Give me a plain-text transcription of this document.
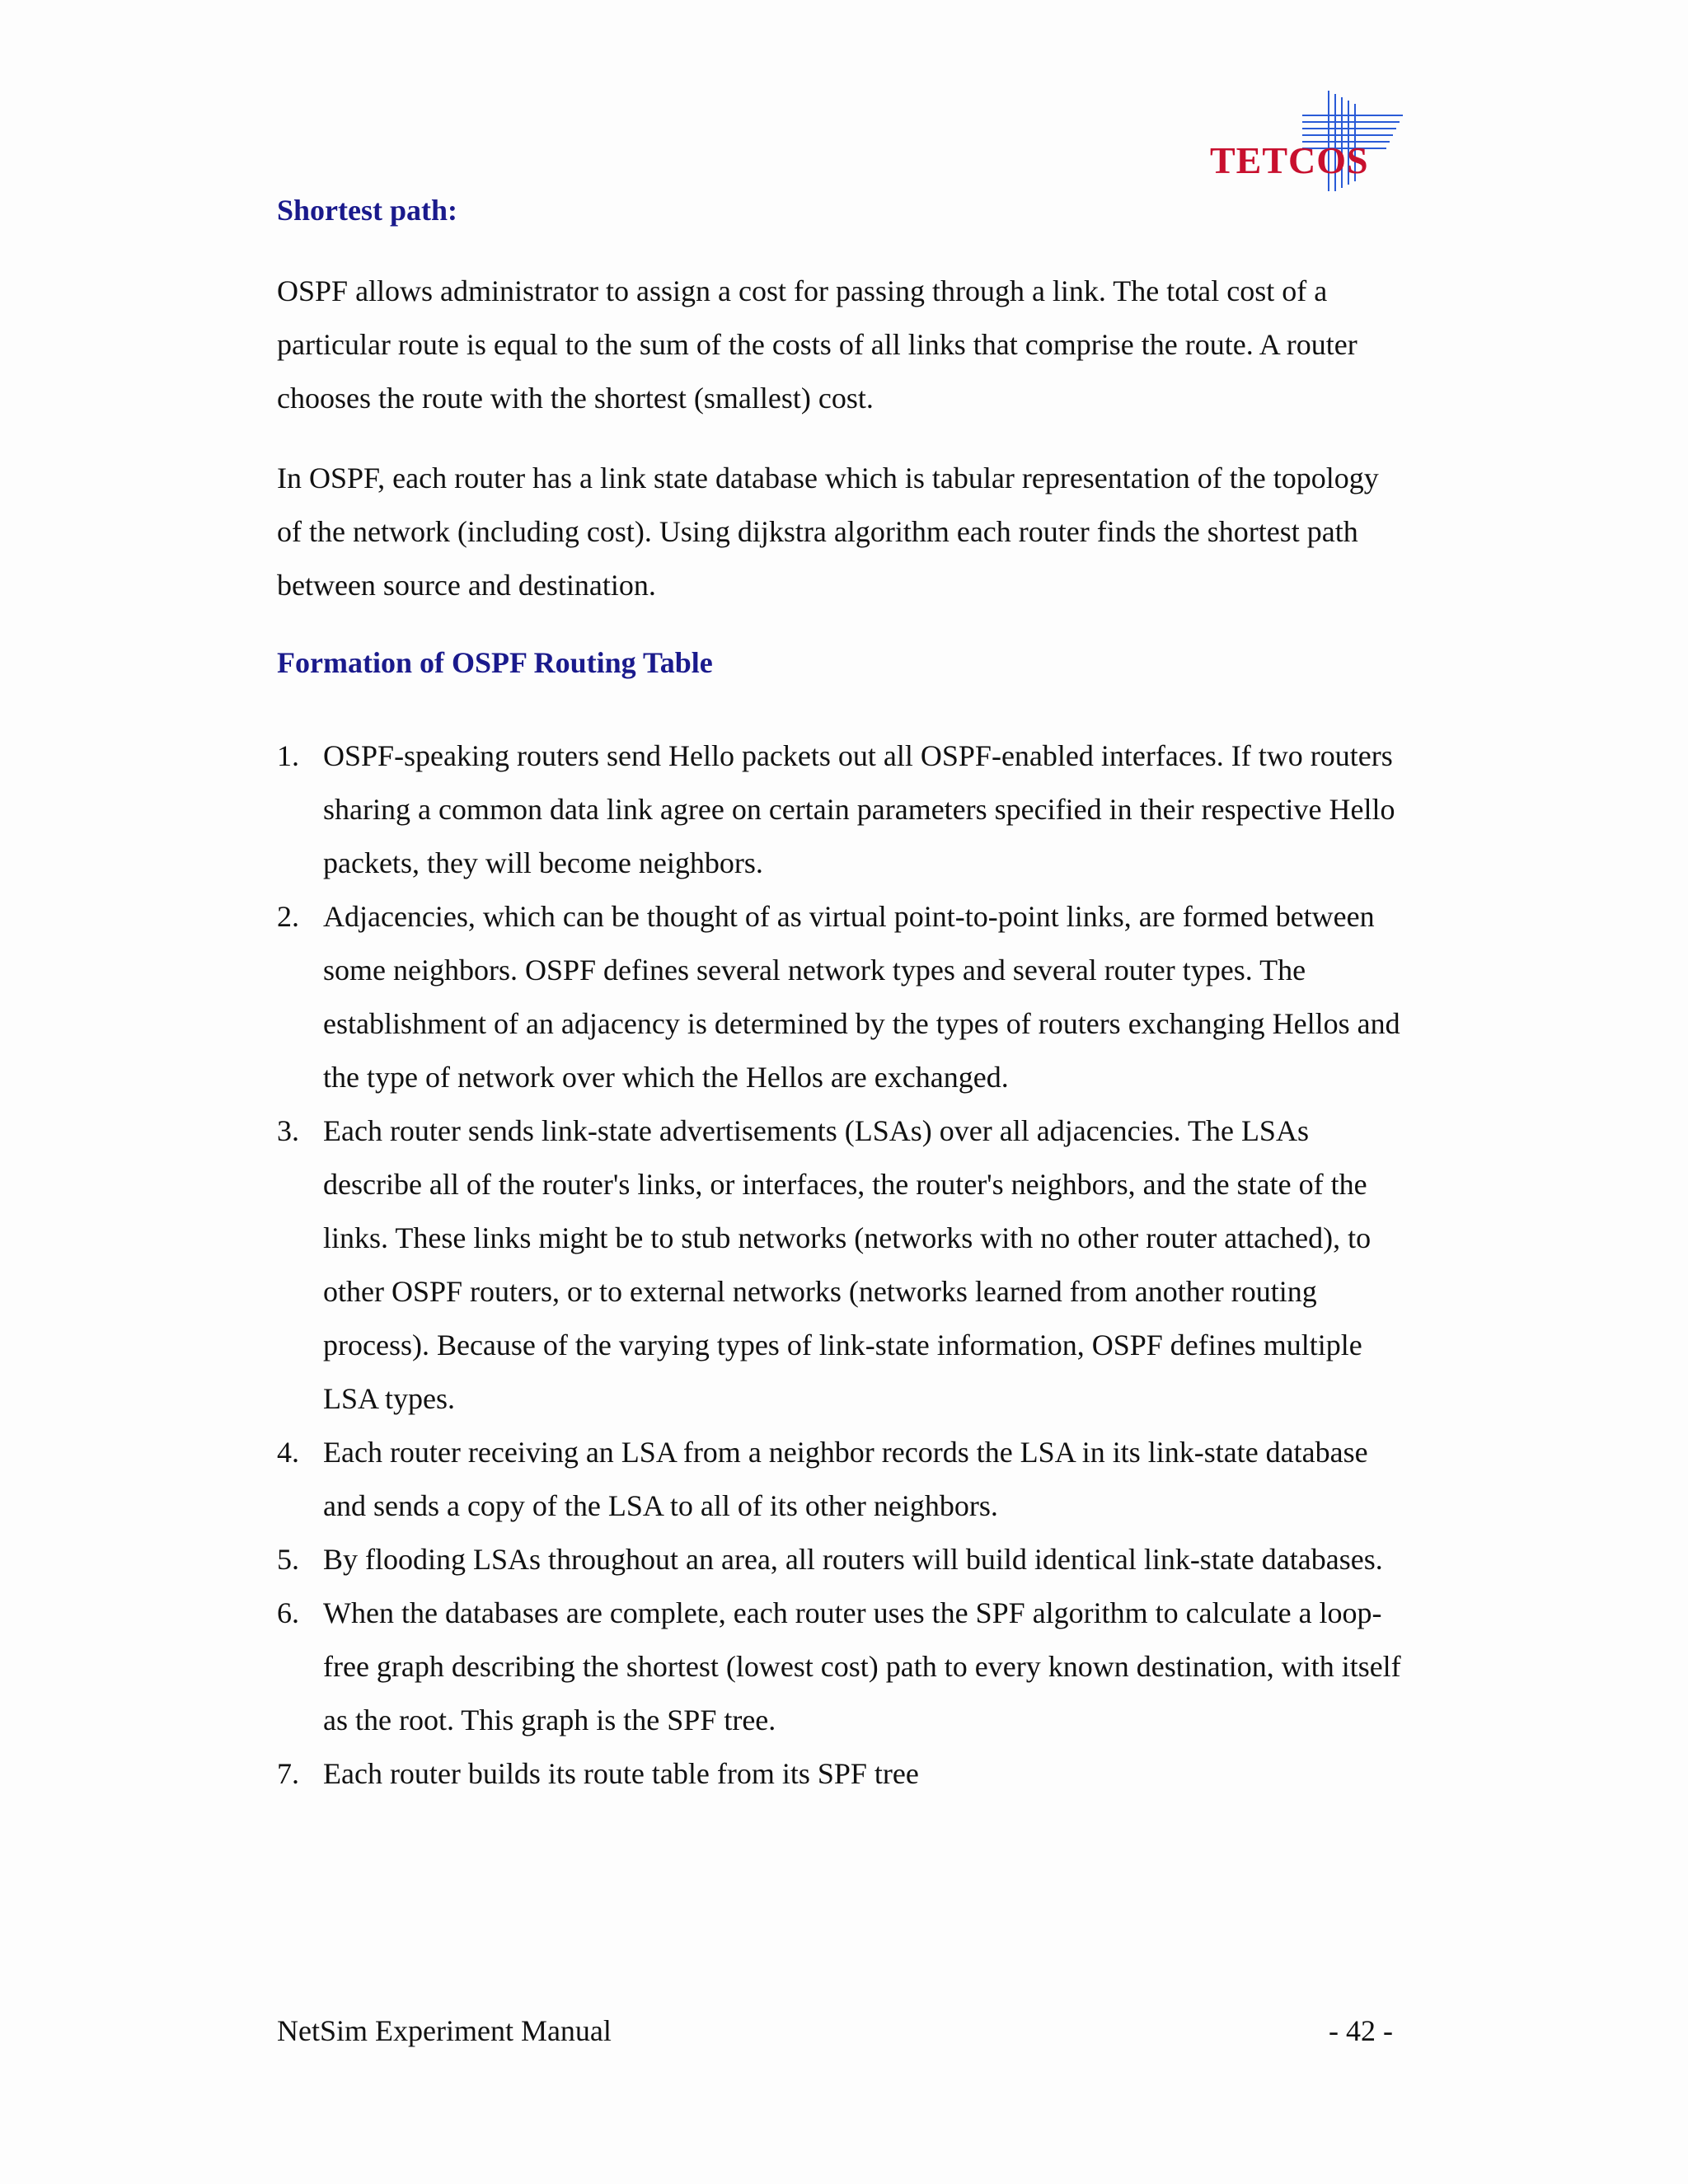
TETCOS
Shortest path:

OSPF allows administrator to assign a cost for passing through a link. The total cost of a particular route is equal to the sum of the costs of all links that comprise the route. A router chooses the route with the shortest (smallest) cost.

In OSPF, each router has a link state database which is tabular representation of the topology of the network (including cost). Using dijkstra algorithm each router finds the shortest path between source and destination.

Formation of OSPF Routing Table
1. OSPF-speaking routers send Hello packets out all OSPF-enabled interfaces. If two routers sharing a common data link agree on certain parameters specified in their respective Hello packets, they will become neighbors.
2. Adjacencies, which can be thought of as virtual point-to-point links, are formed between some neighbors. OSPF defines several network types and several router types. The establishment of an adjacency is determined by the types of routers exchanging Hellos and the type of network over which the Hellos are exchanged.
3. Each router sends link-state advertisements (LSAs) over all adjacencies. The LSAs describe all of the router's links, or interfaces, the router's neighbors, and the state of the links. These links might be to stub networks (networks with no other router attached), to other OSPF routers, or to external networks (networks learned from another routing process). Because of the varying types of link-state information, OSPF defines multiple LSA types.
4. Each router receiving an LSA from a neighbor records the LSA in its link-state database and sends a copy of the LSA to all of its other neighbors.
5. By flooding LSAs throughout an area, all routers will build identical link-state databases.
6. When the databases are complete, each router uses the SPF algorithm to calculate a loop-free graph describing the shortest (lowest cost) path to every known destination, with itself as the root. This graph is the SPF tree.
7. Each router builds its route table from its SPF tree
NetSim Experiment Manual	- 42 -
